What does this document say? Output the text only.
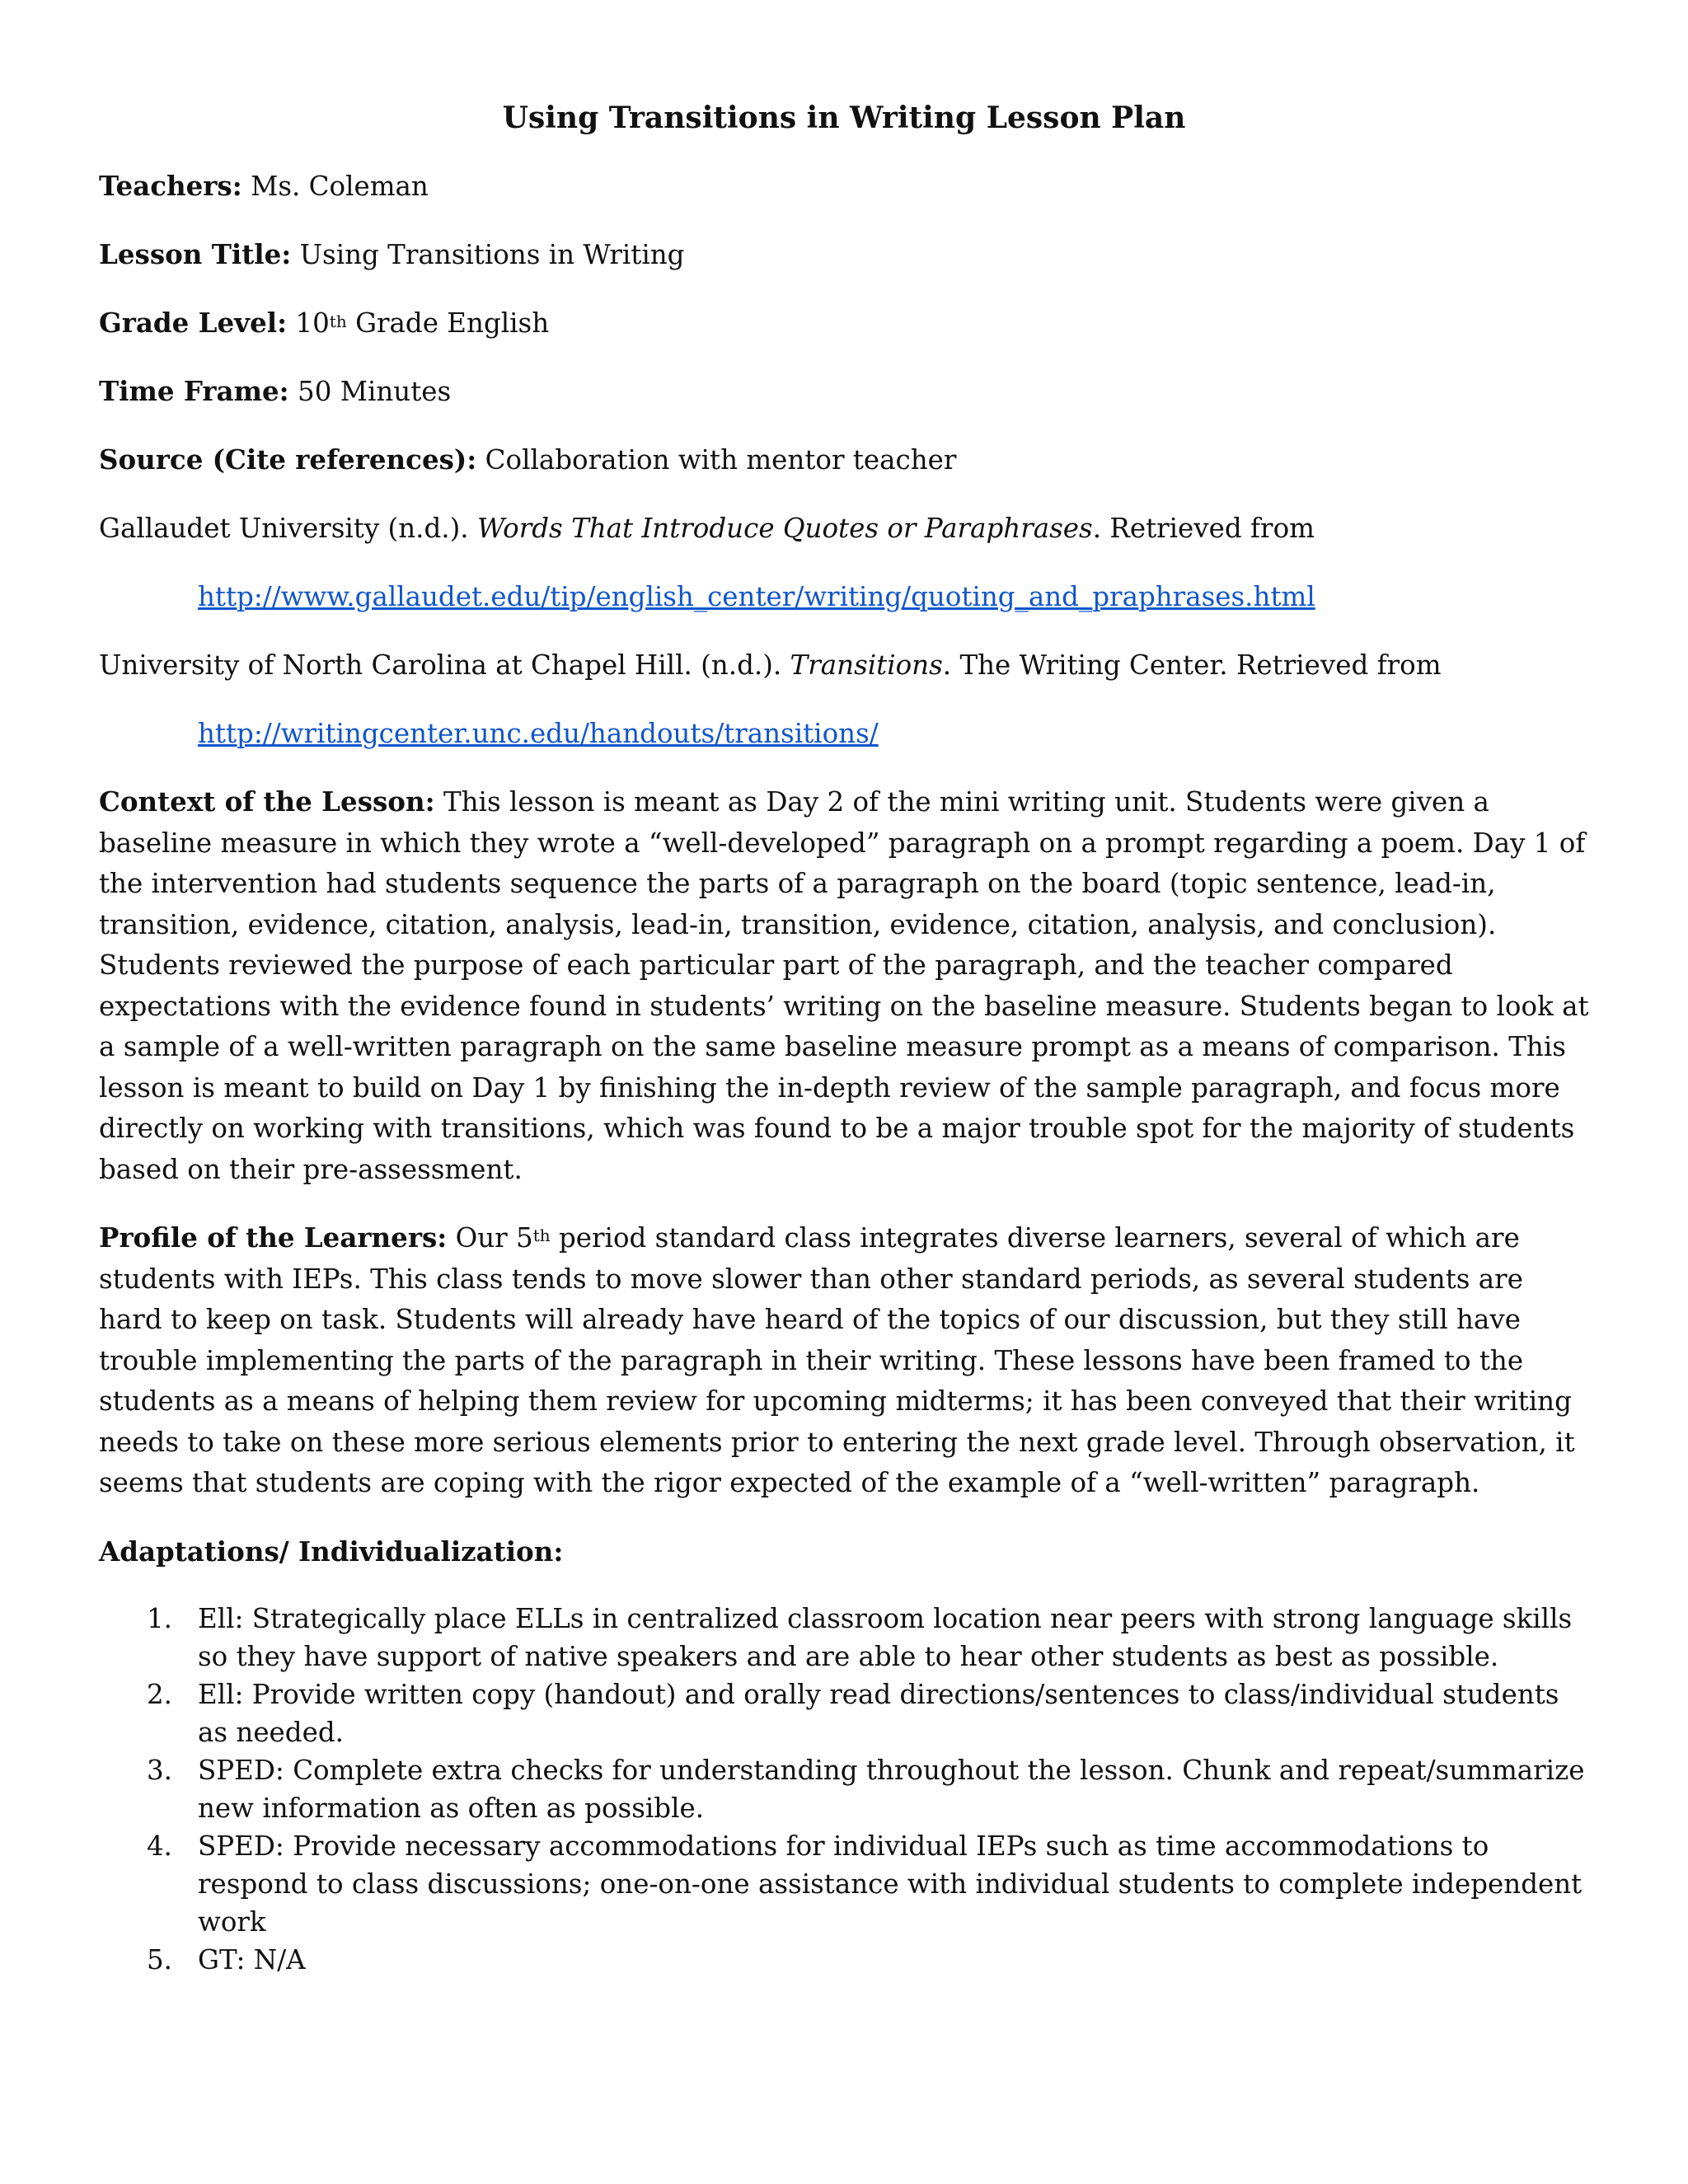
Using Transitions in Writing Lesson Plan
Teachers: Ms. Coleman
Lesson Title: Using Transitions in Writing
Grade Level: 10th Grade English
Time Frame: 50 Minutes
Source (Cite references): Collaboration with mentor teacher
Gallaudet University (n.d.). Words That Introduce Quotes or Paraphrases. Retrieved from
http://www.gallaudet.edu/tip/english_center/writing/quoting_and_praphrases.html
University of North Carolina at Chapel Hill. (n.d.). Transitions. The Writing Center. Retrieved from
http://writingcenter.unc.edu/handouts/transitions/
Context of the Lesson: This lesson is meant as Day 2 of the mini writing unit. Students were given a baseline measure in which they wrote a “well-developed” paragraph on a prompt regarding a poem. Day 1 of the intervention had students sequence the parts of a paragraph on the board (topic sentence, lead-in, transition, evidence, citation, analysis, lead-in, transition, evidence, citation, analysis, and conclusion). Students reviewed the purpose of each particular part of the paragraph, and the teacher compared expectations with the evidence found in students’ writing on the baseline measure. Students began to look at a sample of a well-written paragraph on the same baseline measure prompt as a means of comparison. This lesson is meant to build on Day 1 by finishing the in-depth review of the sample paragraph, and focus more directly on working with transitions, which was found to be a major trouble spot for the majority of students based on their pre-assessment.
Profile of the Learners: Our 5th period standard class integrates diverse learners, several of which are students with IEPs. This class tends to move slower than other standard periods, as several students are hard to keep on task. Students will already have heard of the topics of our discussion, but they still have trouble implementing the parts of the paragraph in their writing. These lessons have been framed to the students as a means of helping them review for upcoming midterms; it has been conveyed that their writing needs to take on these more serious elements prior to entering the next grade level. Through observation, it seems that students are coping with the rigor expected of the example of a “well-written” paragraph.
Adaptations/ Individualization:
1. Ell: Strategically place ELLs in centralized classroom location near peers with strong language skills so they have support of native speakers and are able to hear other students as best as possible.
2. Ell: Provide written copy (handout) and orally read directions/sentences to class/individual students as needed.
3. SPED: Complete extra checks for understanding throughout the lesson. Chunk and repeat/summarize new information as often as possible.
4. SPED: Provide necessary accommodations for individual IEPs such as time accommodations to respond to class discussions; one-on-one assistance with individual students to complete independent work
5. GT: N/A
